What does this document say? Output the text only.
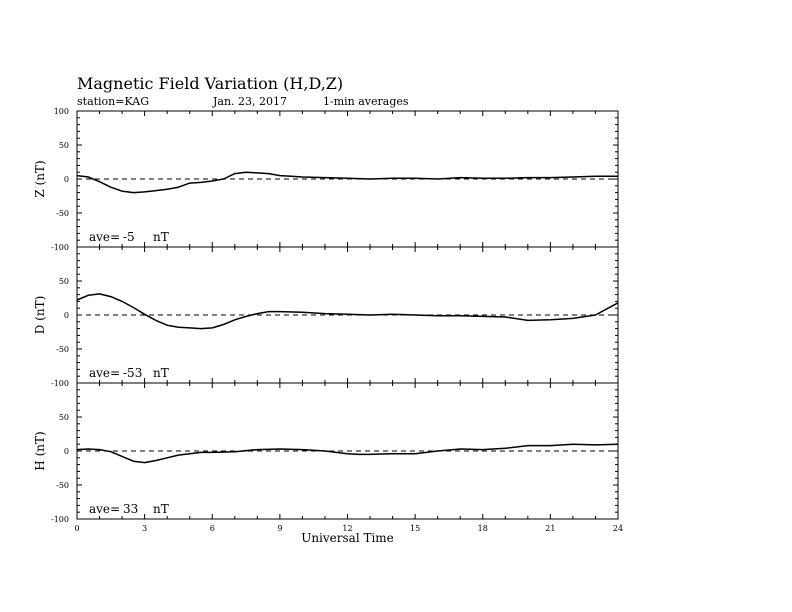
Magnetic Field Variation (H,D,Z)
station=KAG	Jan. 23, 2017	1-min averages
100
50
0
-50
-100
Z (nT)
ave= -5 nT
50
0
-50
-100
D (nT)
ave= -53 nT
50
0
-50
-100
H (nT)
ave= 33 nT
0	3	6	9	12	15	18	21	24
Universal Time
